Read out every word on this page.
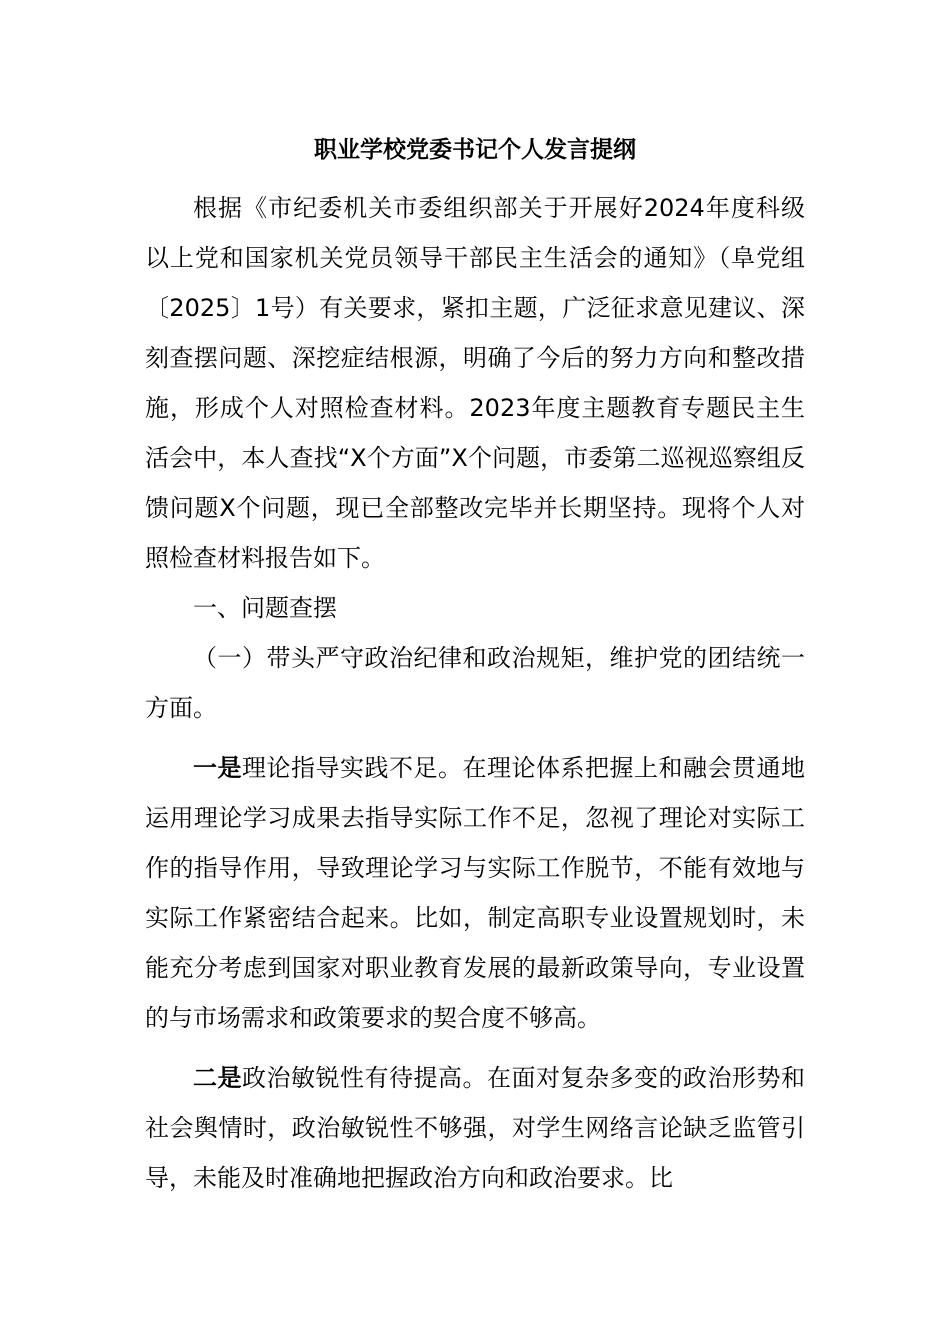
职业学校党委书记个人发言提纲

根据《市纪委机关市委组织部关于开展好2024年度科级以上党和国家机关党员领导干部民主生活会的通知》（阜党组〔2025〕1号）有关要求，紧扣主题，广泛征求意见建议、深刻查摆问题、深挖症结根源，明确了今后的努力方向和整改措施，形成个人对照检查材料。2023年度主题教育专题民主生活会中，本人查找“X个方面”X个问题，市委第二巡视巡察组反馈问题X个问题，现已全部整改完毕并长期坚持。现将个人对照检查材料报告如下。

一、问题查摆

（一）带头严守政治纪律和政治规矩，维护党的团结统一方面。

一是理论指导实践不足。在理论体系把握上和融会贯通地运用理论学习成果去指导实际工作不足，忽视了理论对实际工作的指导作用，导致理论学习与实际工作脱节，不能有效地与实际工作紧密结合起来。比如，制定高职专业设置规划时，未能充分考虑到国家对职业教育发展的最新政策导向，专业设置的与市场需求和政策要求的契合度不够高。

二是政治敏锐性有待提高。在面对复杂多变的政治形势和社会舆情时，政治敏锐性不够强，对学生网络言论缺乏监管引导，未能及时准确地把握政治方向和政治要求。比
